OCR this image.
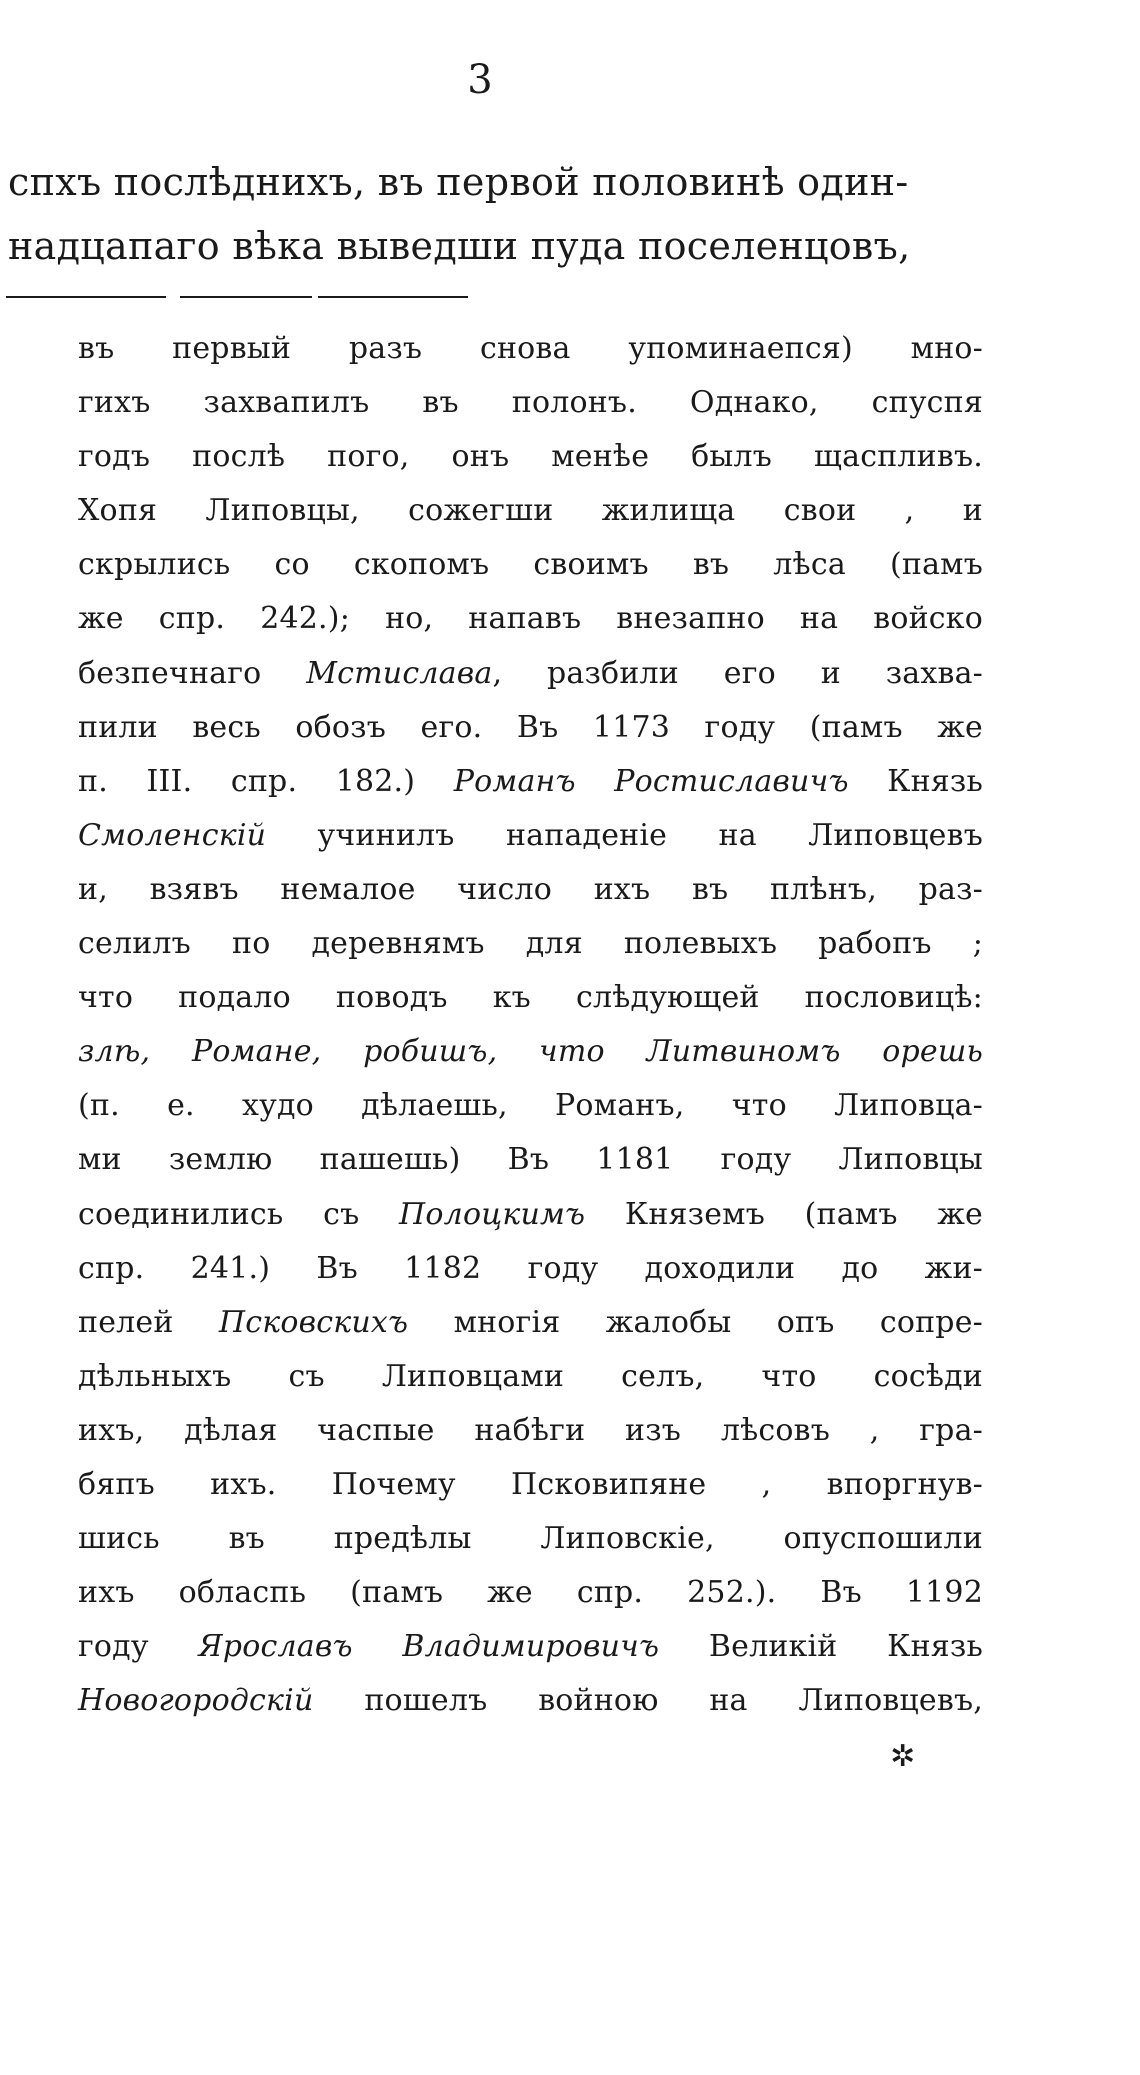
3
спхъ послѣднихъ, въ первой половинѣ один-
надцапаго вѣка выведши пуда поселенцовъ,
въ первый разъ снова упоминаепся) мно-
гихъ захвапилъ въ полонъ. Однако, спуспя
годъ послѣ пого, онъ менѣе былъ щаспливъ.
Хопя Липовцы, сожегши жилища свои , и
скрылись со скопомъ своимъ въ лѣса (памъ
же спр. 242.); но, напавъ внезапно на войско
безпечнаго Мстислава, разбили его и захва-
пили весь обозъ его. Въ 1173 году (памъ же
п. III. спр. 182.) Романъ Ростиславичъ Князь
Смоленскій учинилъ нападеніе на Липовцевъ
и, взявъ немалое число ихъ въ плѣнъ, раз-
селилъ по деревнямъ для полевыхъ рабопъ ;
что подало поводъ къ слѣдующей пословицѣ:
злѣ, Романе, робишъ, что Литвиномъ орешь
(п. е. худо дѣлаешь, Романъ, что Липовца-
ми землю пашешь) Въ 1181 году Липовцы
соединились съ Полоцкимъ Княземъ (памъ же
спр. 241.) Въ 1182 году доходили до жи-
пелей Псковскихъ многія жалобы опъ сопре-
дѣльныхъ съ Липовцами селъ, что сосѣди
ихъ, дѣлая часпые набѣги изъ лѣсовъ , гра-
бяпъ ихъ. Почему Псковипяне , впоргнув-
шись въ предѣлы Липовскіе, опуспошили
ихъ облаcпь (памъ же спр. 252.). Въ 1192
году Ярославъ Владимировичъ Великій Князь
Новогородскій пошелъ войною на Липовцевъ,
✲
